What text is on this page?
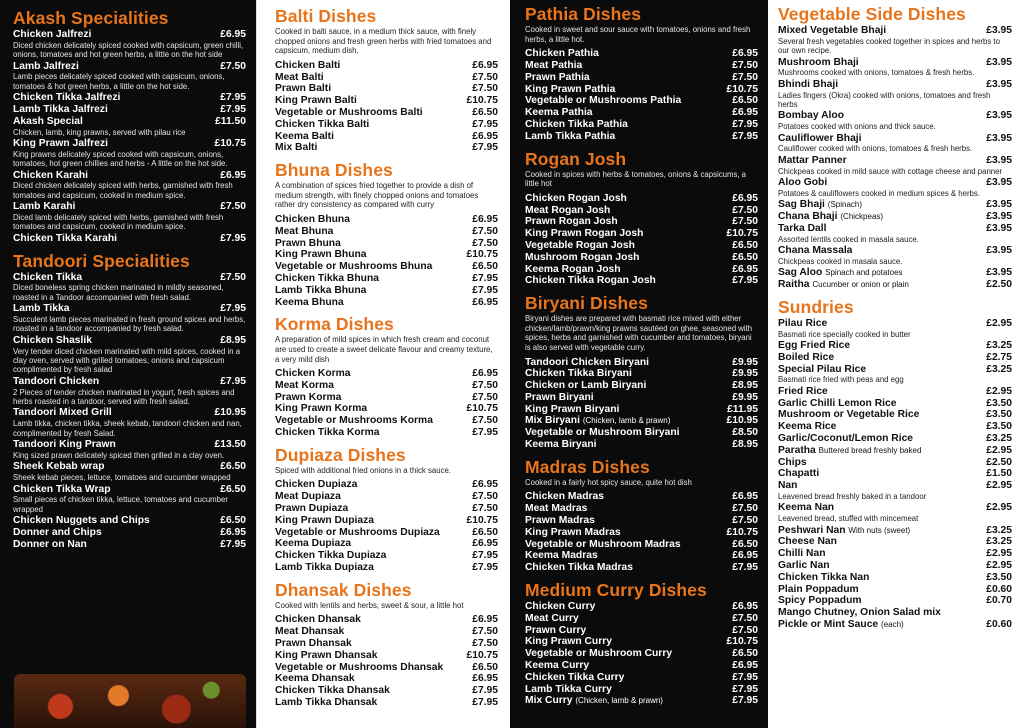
Akash Specialities
Chicken Jalfrezi	£6.95
Diced chicken delicately spiced cooked with capsicum, green chilli, onions, tomatoes and hot green herbs, a little on the hot side
Lamb Jalfrezi	£7.50
Lamb pieces delicately spiced cooked with capsicum, onions, tomatoes & hot green herbs, a little on the hot side.
Chicken Tikka Jalfrezi	£7.95
Lamb Tikka Jalfrezi	£7.95
Akash Special	£11.50
Chicken, lamb, king prawns, served with pilau rice
King Prawn Jalfrezi	£10.75
King prawns delicately spiced cooked with capsicum, onions, tomatoes, hot green chillies and herbs - A little on the hot side.
Chicken Karahi	£6.95
Diced chicken delicately spiced with herbs, garnished with fresh tomatoes and capsicum, cooked in medium spice.
Lamb Karahi	£7.50
Diced lamb delicately spiced with herbs, garnished with fresh tomatoes and capsicum, cooked in medium spice.
Chicken Tikka Karahi	£7.95
Tandoori Specialities
Chicken Tikka	£7.50
Diced boneless spring chicken marinated in mildly seasoned, roasted in a Tandoor accompanied with fresh salad.
Lamb Tikka	£7.95
Succulent lamb pieces marinated in fresh ground spices and herbs, roasted in a tandoor accompanied by fresh salad.
Chicken Shaslik	£8.95
Very tender diced chicken marinated with mild spices, cooked in a clay oven, served with grilled tomatoes, onions and capsicum complimented by fresh salad
Tandoori Chicken	£7.95
2 Pieces of tender chicken marinated in yogurt, fresh spices and herbs roasted in a tandoor, served with fresh salad.
Tandoori Mixed Grill	£10.95
Lamb tikka, chicken tikka, sheek kebab, tandoori chicken and nan, complimented by fresh Salad.
Tandoori King Prawn	£13.50
King sized prawn delicately spiced then grilled in a clay oven.
Sheek Kebab wrap	£6.50
Sheek kebab pieces, lettuce, tomatoes and cucumber wrapped
Chicken Tikka Wrap	£6.50
Small pieces of chicken tikka, lettuce, tomatoes and cucumber wrapped
Chicken Nuggets and Chips	£6.50
Donner and Chips	£6.95
Donner on Nan	£7.95
Balti Dishes
Cooked in balti sauce, in a medium thick sauce, with finely chopped onions and fresh green herbs with fried tomatoes and capsicum, medium dish.
Chicken Balti	£6.95
Meat Balti	£7.50
Prawn Balti	£7.50
King Prawn Balti	£10.75
Vegetable or Mushrooms Balti	£6.50
Chicken Tikka Balti	£7.95
Keema Balti	£6.95
Mix Balti	£7.95
Bhuna Dishes
A combination of spices fried together to provide a dish of medium strength, with finely chopped onions and tomatoes rather dry consistency as compared with curry
Chicken Bhuna	£6.95
Meat Bhuna	£7.50
Prawn Bhuna	£7.50
King Prawn Bhuna	£10.75
Vegetable or Mushrooms Bhuna	£6.50
Chicken Tikka Bhuna	£7.95
Lamb Tikka Bhuna	£7.95
Keema Bhuna	£6.95
Korma Dishes
A preparation of mild spices in which fresh cream and coconut are used to create a sweet delicate flavour and creamy texture, a very mild dish
Chicken Korma	£6.95
Meat Korma	£7.50
Prawn Korma	£7.50
King Prawn Korma	£10.75
Vegetable or Mushrooms Korma	£7.50
Chicken Tikka Korma	£7.95
Dupiaza Dishes
Spiced with additional fried onions in a thick sauce.
Chicken Dupiaza	£6.95
Meat Dupiaza	£7.50
Prawn Dupiaza	£7.50
King Prawn Dupiaza	£10.75
Vegetable or Mushrooms Dupiaza	£6.50
Keema Dupiaza	£6.95
Chicken Tikka Dupiaza	£7.95
Lamb Tikka Dupiaza	£7.95
Dhansak Dishes
Cooked with lentils and herbs, sweet & sour, a little hot
Chicken Dhansak	£6.95
Meat Dhansak	£7.50
Prawn Dhansak	£7.50
King Prawn Dhansak	£10.75
Vegetable or Mushrooms Dhansak	£6.50
Keema Dhansak	£6.95
Chicken Tikka Dhansak	£7.95
Lamb Tikka Dhansak	£7.95
Pathia Dishes
Cooked in sweet and sour sauce with tomatoes, onions and fresh herbs, a little hot.
Chicken Pathia	£6.95
Meat Pathia	£7.50
Prawn Pathia	£7.50
King Prawn Pathia	£10.75
Vegetable or Mushrooms Pathia	£6.50
Keema Pathia	£6.95
Chicken Tikka Pathia	£7.95
Lamb Tikka Pathia	£7.95
Rogan Josh
Cooked in spices with herbs & tomatoes, onions & capsicums, a little hot
Chicken Rogan Josh	£6.95
Meat Rogan Josh	£7.50
Prawn Rogan Josh	£7.50
King Prawn Rogan Josh	£10.75
Vegetable Rogan Josh	£6.50
Mushroom Rogan Josh	£6.50
Keema Rogan Josh	£6.95
Chicken Tikka Rogan Josh	£7.95
Biryani Dishes
Biryani dishes are prepared with basmati rice mixed with either chicken/lamb/prawn/king prawns sautéed on ghee, seasoned with spices, herbs and garnished with cucumber and tomatoes, biryani is also served with vegetable curry.
Tandoori Chicken Biryani	£9.95
Chicken Tikka Biryani	£9.95
Chicken or Lamb Biryani	£8.95
Prawn Biryani	£9.95
King Prawn Biryani	£11.95
Mix Biryani (Chicken, lamb & prawn)	£10.95
Vegetable or Mushroom Biryani	£8.50
Keema Biryani	£8.95
Madras Dishes
Cooked in a fairly hot spicy sauce, quite hot dish
Chicken Madras	£6.95
Meat Madras	£7.50
Prawn Madras	£7.50
King Prawn Madras	£10.75
Vegetable or Mushroom Madras	£6.50
Keema Madras	£6.95
Chicken Tikka Madras	£7.95
Medium Curry Dishes
Chicken Curry	£6.95
Meat Curry	£7.50
Prawn Curry	£7.50
King Prawn Curry	£10.75
Vegetable or Mushroom Curry	£6.50
Keema Curry	£6.95
Chicken Tikka Curry	£7.95
Lamb Tikka Curry	£7.95
Mix Curry (Chicken, lamb & prawn)	£7.95
Vegetable Side Dishes
Mixed Vegetable Bhaji	£3.95
Several fresh vegetables cooked together in spices and herbs to our own recipe.
Mushroom Bhaji	£3.95
Mushrooms cooked with onions, tomatoes & fresh herbs.
Bhindi Bhaji	£3.95
Ladies fingers (Okra) cooked with onions, tomatoes and fresh herbs
Bombay Aloo	£3.95
Potatoes cooked with onions and thick sauce.
Cauliflower Bhaji	£3.95
Cauliflower cooked with onions, tomatoes & fresh herbs.
Mattar Panner	£3.95
Chickpeas cooked in mild sauce with cottage cheese and panner
Aloo Gobi	£3.95
Potatoes & cauliflowers cooked in medium spices & herbs.
Sag Bhaji (Spinach)	£3.95
Chana Bhaji (Chickpeas)	£3.95
Tarka Dall	£3.95
Assorted lentils cooked in masala sauce.
Chana Massala	£3.95
Chickpeas cooked in masala sauce.
Sag Aloo Spinach and potatoes	£3.95
Raitha Cucumber or onion or plain	£2.50
Sundries
Pilau Rice	£2.95
Basmati rice specially cooked in butter
Egg Fried Rice	£3.25
Boiled Rice	£2.75
Special Pilau Rice	£3.25
Basmati rice fried with peas and egg
Fried Rice	£2.95
Garlic Chilli Lemon Rice	£3.50
Mushroom or Vegetable Rice	£3.50
Keema Rice	£3.50
Garlic/Coconut/Lemon Rice	£3.25
Paratha Buttered bread freshly baked	£2.95
Chips	£2.50
Chapatti	£1.50
Nan	£2.95
Leavened bread freshly baked in a tandoor
Keema Nan	£2.95
Leavened bread, stuffed with mincemeat
Peshwari Nan With nuts (sweet)	£3.25
Cheese Nan	£3.25
Chilli Nan	£2.95
Garlic Nan	£2.95
Chicken Tikka Nan	£3.50
Plain Poppadum	£0.60
Spicy Poppadum	£0.70
Mango Chutney, Onion Salad mix
Pickle or Mint Sauce (each)	£0.60
